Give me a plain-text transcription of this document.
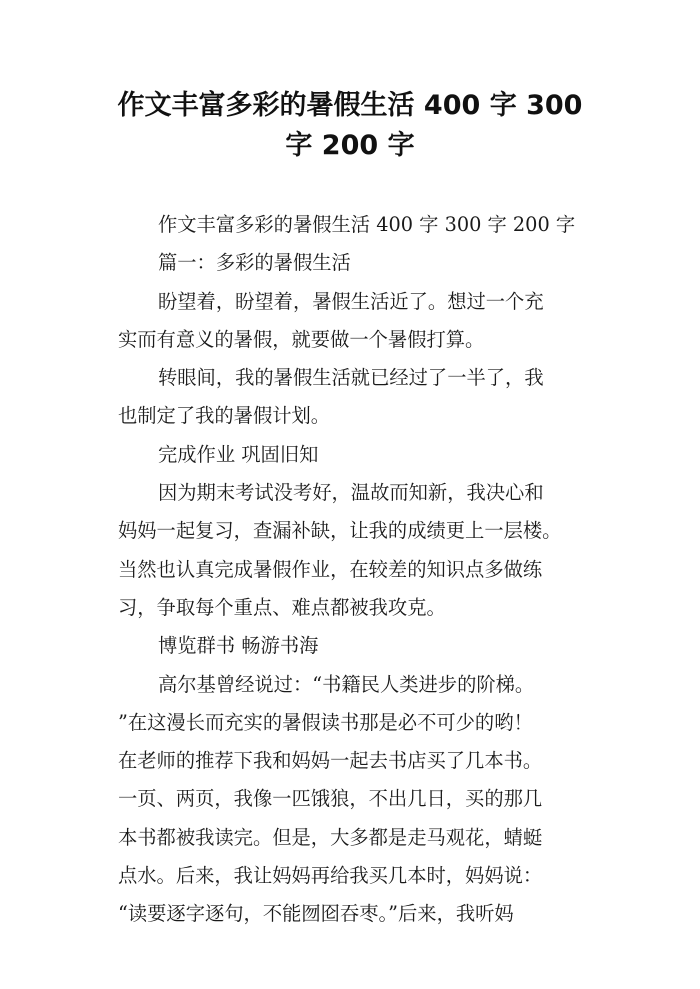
作文丰富多彩的暑假生活 400 字 300
字 200 字
作文丰富多彩的暑假生活 400 字 300 字 200 字
篇一：多彩的暑假生活
盼望着，盼望着，暑假生活近了。想过一个充
实而有意义的暑假，就要做一个暑假打算。
转眼间，我的暑假生活就已经过了一半了，我
也制定了我的暑假计划。
完成作业 巩固旧知
因为期末考试没考好，温故而知新，我决心和
妈妈一起复习，查漏补缺，让我的成绩更上一层楼。
当然也认真完成暑假作业，在较差的知识点多做练
习，争取每个重点、难点都被我攻克。
博览群书 畅游书海
高尔基曾经说过：“书籍民人类进步的阶梯。
”在这漫长而充实的暑假读书那是必不可少的哟！
在老师的推荐下我和妈妈一起去书店买了几本书。
一页、两页，我像一匹饿狼，不出几日，买的那几
本书都被我读完。但是，大多都是走马观花，蜻蜓
点水。后来，我让妈妈再给我买几本时，妈妈说：
“读要逐字逐句，不能囫囵吞枣。”后来，我听妈
